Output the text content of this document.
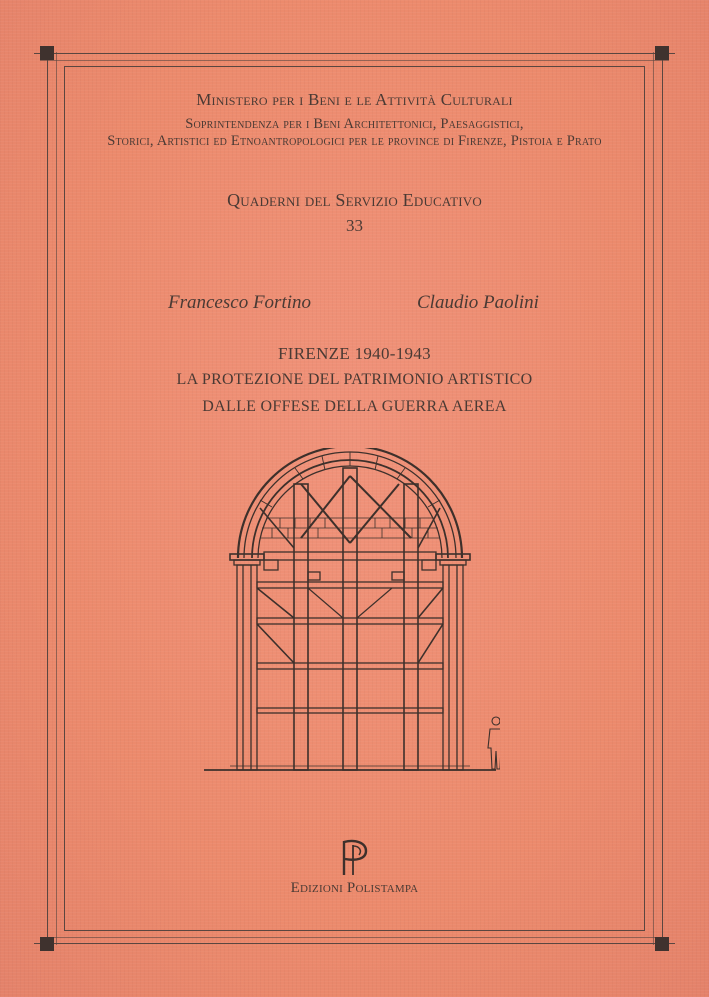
Ministero per i Beni e le Attività Culturali
Soprintendenza per i Beni Architettonici, Paesaggistici,
Storici, Artistici ed Etnoantropologici per le province di Firenze, Pistoia e Prato
Quaderni del Servizio Educativo
33
Francesco Fortino	Claudio Paolini
FIRENZE 1940-1943
LA PROTEZIONE DEL PATRIMONIO ARTISTICO
DALLE OFFESE DELLA GUERRA AEREA
Edizioni Polistampa
